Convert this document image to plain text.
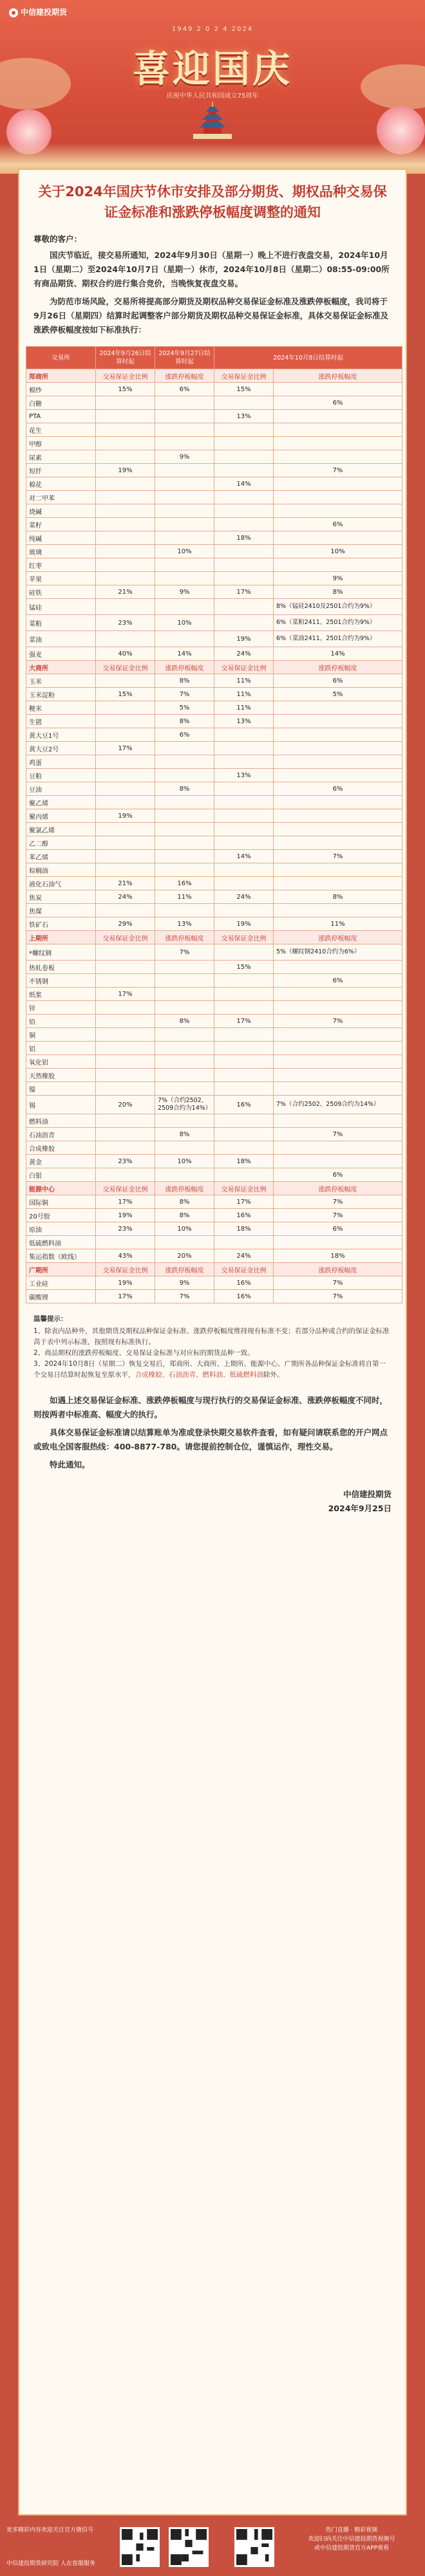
中信建投期货
1949 2 0 2 4 2024
喜迎国庆
庆祝中华人民共和国成立75周年
关于2024年国庆节休市安排及部分期货、期权品种交易保证金标准和涨跌停板幅度调整的通知
尊敬的客户：
国庆节临近，接交易所通知，2024年9月30日（星期一）晚上不进行夜盘交易，2024年10月1日（星期二）至2024年10月7日（星期一）休市，2024年10月8日（星期二）08:55-09:00所有商品期货、期权合约进行集合竞价，当晚恢复夜盘交易。
为防范市场风险，交易所将提高部分期货及期权品种交易保证金标准及涨跌停板幅度，我司将于9月26日（星期四）结算时起调整客户部分期货及期权品种交易保证金标准，具体交易保证金标准及涨跌停板幅度按如下标准执行：
交易所	2024年9月26日结算时起	2024年9月27日结算时起	2024年10月8日结算时起	
郑商所	交易保证金比例	涨跌停板幅度	交易保证金比例	涨跌停板幅度
棉纱	15%	6%	15%	
白糖				6%
PTA			13%	
花生				
甲醇				
尿素		9%		
短纤	19%			7%
棉花			14%	
对二甲苯				
烧碱				
菜籽				6%
纯碱			18%	
玻璃		10%		10%
红枣				
苹果				9%
硅铁	21%	9%	17%	8%
锰硅				8%（锰硅2410及2501合约为9%）
菜粕	23%	10%		6%（菜粕2411、2501合约为9%）
菜油			19%	6%（菜油2411、2501合约为9%）
强麦	40%	14%	24%	14%
大商所	交易保证金比例	涨跌停板幅度	交易保证金比例	涨跌停板幅度
玉米		8%	11%	6%
玉米淀粉	15%	7%	11%	5%
粳米		5%	11%	
生猪		8%	13%	
黄大豆1号		6%		
黄大豆2号	17%			
鸡蛋				
豆粕			13%	
豆油		8%		6%
聚乙烯				
聚丙烯	19%			
聚氯乙烯				
乙二醇				
苯乙烯			14%	7%
棕榈油				
液化石油气	21%	16%		
焦炭	24%	11%	24%	8%
焦煤				
铁矿石	29%	13%	19%	11%
上期所	交易保证金比例	涨跌停板幅度	交易保证金比例	涨跌停板幅度
*螺纹钢		7%		5%（螺纹钢2410合约为6%）
热轧卷板			15%	
不锈钢				6%
纸浆	17%			
锌				
铅		8%	17%	7%
铜				
铝				
氧化铝				
天然橡胶				
镍				
锡	20%	7%（合约2502、2509合约为14%）	16%	7%（合约2502、2509合约为14%）
燃料油				
石油沥青		8%		7%
合成橡胶				
黄金	23%	10%	18%	
白银				6%
能源中心	交易保证金比例	涨跌停板幅度	交易保证金比例	涨跌停板幅度
国际铜	17%	8%	17%	7%
20号胶	19%	8%	16%	7%
原油	23%	10%	18%	6%
低硫燃料油				
集运指数（欧线）	43%	20%	24%	18%
广期所	交易保证金比例	涨跌停板幅度	交易保证金比例	涨跌停板幅度
工业硅	19%	9%	16%	7%
碳酸锂	17%	7%	16%	7%
温馨提示：
1、除表内品种外，其他期货及期权品种保证金标准、涨跌停板幅度维持现有标准不变；若部分品种或合约的保证金标准高于表中列示标准，按照现有标准执行。
2、商品期权的涨跌停板幅度、交易保证金标准与对应标的期货品种一致。
3、2024年10月8日（星期二）恢复交易后，郑商所、大商所、上期所、能源中心、广期所各品种保证金标准将自第一个交易日结算时起恢复至原水平，合成橡胶、石油沥青、燃料油、低硫燃料油除外。
如遇上述交易保证金标准、涨跌停板幅度与现行执行的交易保证金标准、涨跌停板幅度不同时，则按两者中标准高、幅度大的执行。
具体交易保证金标准请以结算账单为准或登录快期交易软件查看，如有疑问请联系您的开户网点或致电全国客服热线：400-8877-780。请您提前控制仓位，谨慎运作，理性交易。
特此通知。
中信建投期货
2024年9月25日
更多精彩内容欢迎关注官方微信号
中信建投期货研究院 人在客服服务
热门直播 · 精彩视频
欢迎扫码关注中信建投期货视频号
或中信建投期货官方APP观看
